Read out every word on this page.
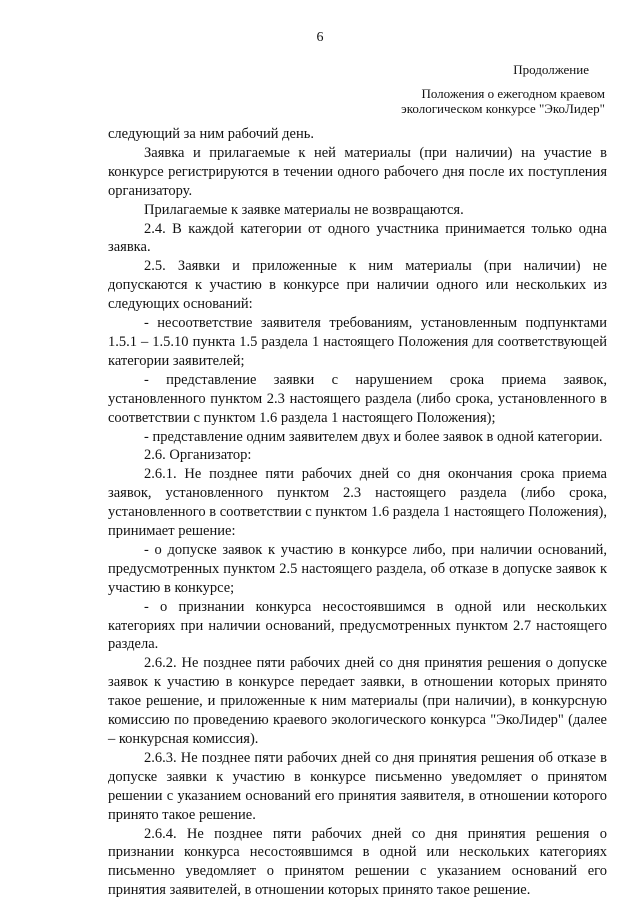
6
Продолжение
Положения о ежегодном краевом
экологическом конкурсе "ЭкоЛидер"

следующий за ним рабочий день.

Заявка и прилагаемые к ней материалы (при наличии) на участие в конкурсе регистрируются в течении одного рабочего дня после их поступления организатору.

Прилагаемые к заявке материалы не возвращаются.

2.4. В каждой категории от одного участника принимается только одна заявка.

2.5. Заявки и приложенные к ним материалы (при наличии) не допускаются к участию в конкурсе при наличии одного или нескольких из следующих оснований:

- несоответствие заявителя требованиям, установленным подпунктами 1.5.1 – 1.5.10 пункта 1.5 раздела 1 настоящего Положения для соответствующей категории заявителей;

- представление заявки с нарушением срока приема заявок, установленного пунктом 2.3 настоящего раздела (либо срока, установленного в соответствии с пунктом 1.6 раздела 1 настоящего Положения);

- представление одним заявителем двух и более заявок в одной категории.

2.6. Организатор:

2.6.1. Не позднее пяти рабочих дней со дня окончания срока приема заявок, установленного пунктом 2.3 настоящего раздела (либо срока, установленного в соответствии с пунктом 1.6 раздела 1 настоящего Положения), принимает решение:

- о допуске заявок к участию в конкурсе либо, при наличии оснований, предусмотренных пунктом 2.5 настоящего раздела, об отказе в допуске заявок к участию в конкурсе;

- о признании конкурса несостоявшимся в одной или нескольких категориях при наличии оснований, предусмотренных пунктом 2.7 настоящего раздела.

2.6.2. Не позднее пяти рабочих дней со дня принятия решения о допуске заявок к участию в конкурсе передает заявки, в отношении которых принято такое решение, и приложенные к ним материалы (при наличии), в конкурсную комиссию по проведению краевого экологического конкурса "ЭкоЛидер" (далее – конкурсная комиссия).

2.6.3. Не позднее пяти рабочих дней со дня принятия решения об отказе в допуске заявки к участию в конкурсе письменно уведомляет о принятом решении с указанием оснований его принятия заявителя, в отношении которого принято такое решение.

2.6.4. Не позднее пяти рабочих дней со дня принятия решения о признании конкурса несостоявшимся в одной или нескольких категориях письменно уведомляет о принятом решении с указанием оснований его принятия заявителей, в отношении которых принято такое решение.
